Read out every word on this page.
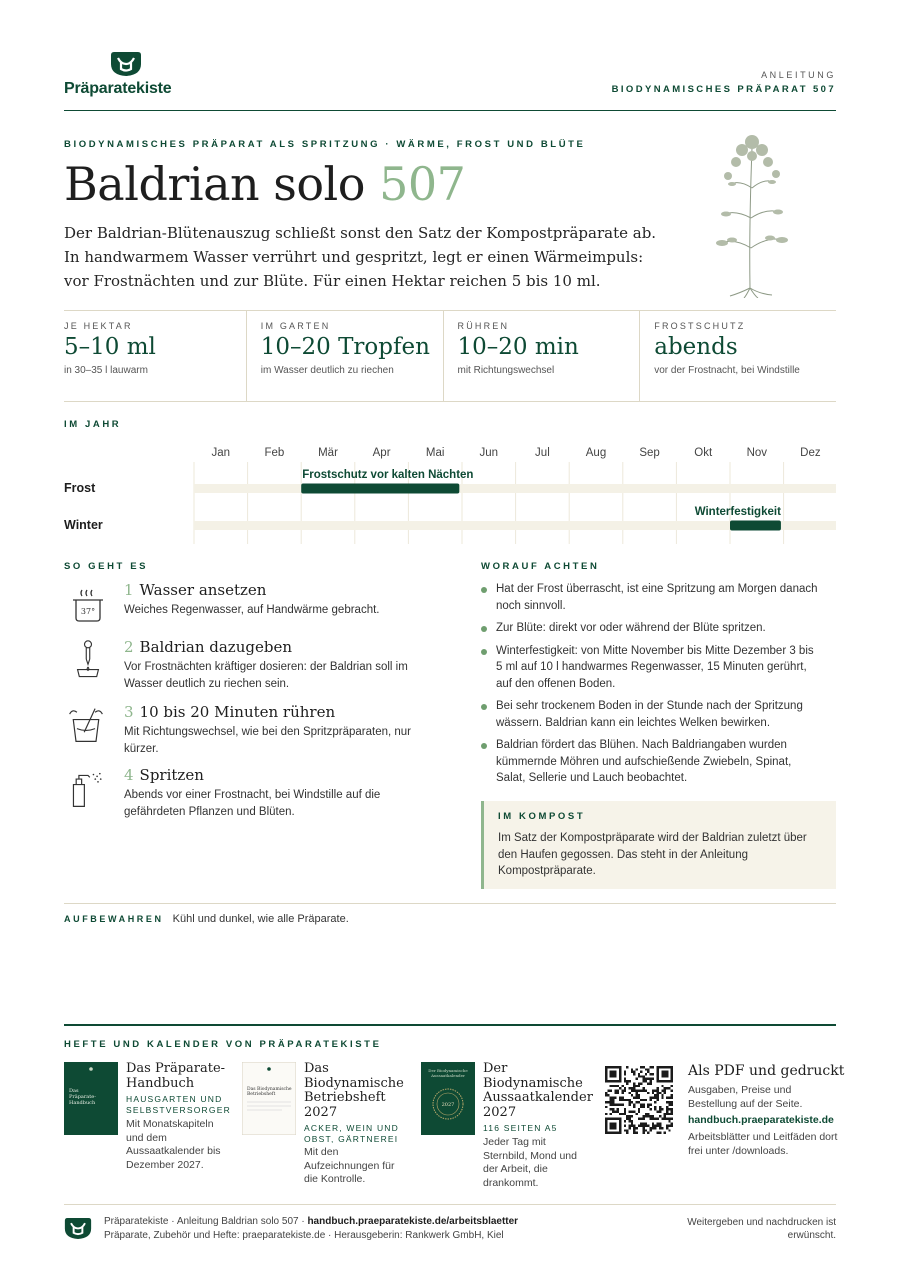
Präparatekiste
ANLEITUNG
BIODYNAMISCHES PRÄPARAT 507
BIODYNAMISCHES PRÄPARAT ALS SPRITZUNG · WÄRME, FROST UND BLÜTE
Baldrian solo 507

Der Baldrian-Blütenauszug schließt sonst den Satz der Kompostpräparate ab. In handwarmem Wasser verrührt und gespritzt, legt er einen Wärmeimpuls: vor Frostnächten und zur Blüte. Für einen Hektar reichen 5 bis 10 ml.

JE HEKTAR
5–10 ml
in 30–35 l lauwarm
IM GARTEN
10–20 Tropfen
im Wasser deutlich zu riechen
RÜHREN
10–20 min
mit Richtungswechsel
FROSTSCHUTZ
abends
vor der Frostnacht, bei Windstille
IM JAHR
Jan	Feb	Mär	Apr	Mai	Jun	Jul	Aug	Sep	Okt	Nov	Dez
Frost
Frostschutz vor kalten Nächten
Winter
Winterfestigkeit
SO GEHT ES
37°
1 Wasser ansetzen
Weiches Regenwasser, auf Handwärme gebracht.
2 Baldrian dazugeben
Vor Frostnächten kräftiger dosieren: der Baldrian soll im Wasser deutlich zu riechen sein.
3 10 bis 20 Minuten rühren
Mit Richtungswechsel, wie bei den Spritzpräparaten, nur kürzer.
4 Spritzen
Abends vor einer Frostnacht, bei Windstille auf die gefährdeten Pflanzen und Blüten.
WORAUF ACHTEN
Hat der Frost überrascht, ist eine Spritzung am Morgen danach noch sinnvoll.
Zur Blüte: direkt vor oder während der Blüte spritzen.
Winterfestigkeit: von Mitte November bis Mitte Dezember 3 bis 5 ml auf 10 l handwarmes Regenwasser, 15 Minuten gerührt, auf den offenen Boden.
Bei sehr trockenem Boden in der Stunde nach der Spritzung wässern. Baldrian kann ein leichtes Welken bewirken.
Baldrian fördert das Blühen. Nach Baldriangaben wurden kümmernde Möhren und aufschießende Zwiebeln, Spinat, Salat, Sellerie und Lauch beobachtet.
IM KOMPOST

Im Satz der Kompostpräparate wird der Baldrian zuletzt über den Haufen gegossen. Das steht in der Anleitung Kompostpräparate.

AUFBEWAHREN Kühl und dunkel, wie alle Präparate.
HEFTE UND KALENDER VON PRÄPARATEKISTE
Das
Präparate-
Handbuch
Das Präparate-Handbuch
HAUSGARTEN UND SELBSTVERSORGER
Mit Monatskapiteln und dem Aussaatkalender bis Dezember 2027.
Das Biodynamische
Betriebsheft
Das Biodynamische Betriebsheft 2027
ACKER, WEIN UND OBST, GÄRTNEREI
Mit den Aufzeichnungen für die Kontrolle.
Der Biodynamische
Aussaatkalender
2027
Der Biodynamische Aussaatkalender 2027
116 SEITEN A5
Jeder Tag mit Sternbild, Mond und der Arbeit, die drankommt.
Als PDF und gedruckt
Ausgaben, Preise und Bestellung auf der Seite.
handbuch.praeparatekiste.de
Arbeitsblätter und Leitfäden dort frei unter /downloads.
Präparatekiste · Anleitung Baldrian solo 507 · handbuch.praeparatekiste.de/arbeitsblaetter
Präparate, Zubehör und Hefte: praeparatekiste.de · Herausgeberin: Rankwerk GmbH, Kiel
Weitergeben und nachdrucken ist erwünscht.
